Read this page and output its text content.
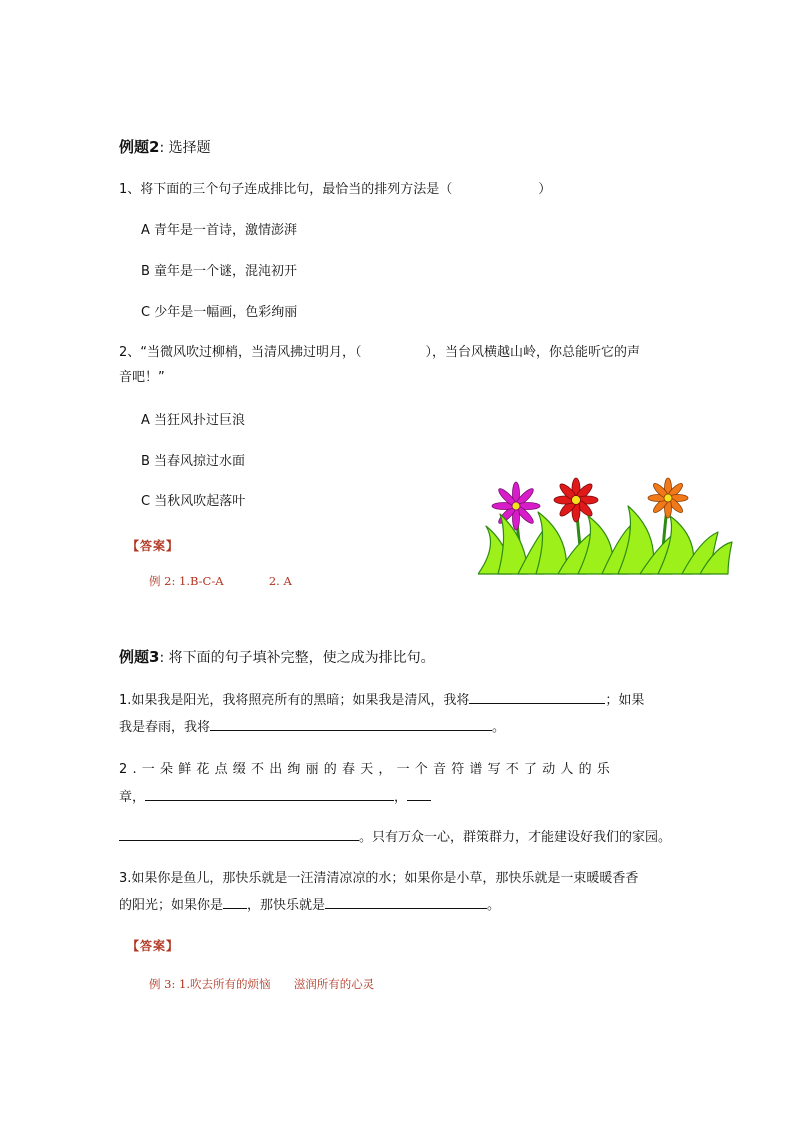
例题2: 选择题
1、将下面的三个句子连成排比句，最恰当的排列方法是（	）
A 青年是一首诗，激情澎湃
B 童年是一个谜，混沌初开
C 少年是一幅画，色彩绚丽
2、“当微风吹过柳梢，当清风拂过明月，（	），当台风横越山岭，你总能听它的声
音吧！”
A 当狂风扑过巨浪
B 当春风掠过水面
C 当秋风吹起落叶
【答案】
例 2: 1.B-C-A	2. A
例题3: 将下面的句子填补完整，使之成为排比句。
1.如果我是阳光，我将照亮所有的黑暗；如果我是清风，我将	；如果
我是春雨，我将	。
2.一朵鲜花点缀不出绚丽的春天，一个音符谱写不了动人的乐
章，	，
。只有万众一心，群策群力，才能建设好我们的家园。
3.如果你是鱼儿，那快乐就是一汪清清凉凉的水；如果你是小草，那快乐就是一束暖暖香香
的阳光；如果你是 ，那快乐就是	。
【答案】
例 3: 1.吹去所有的烦恼 滋润所有的心灵
